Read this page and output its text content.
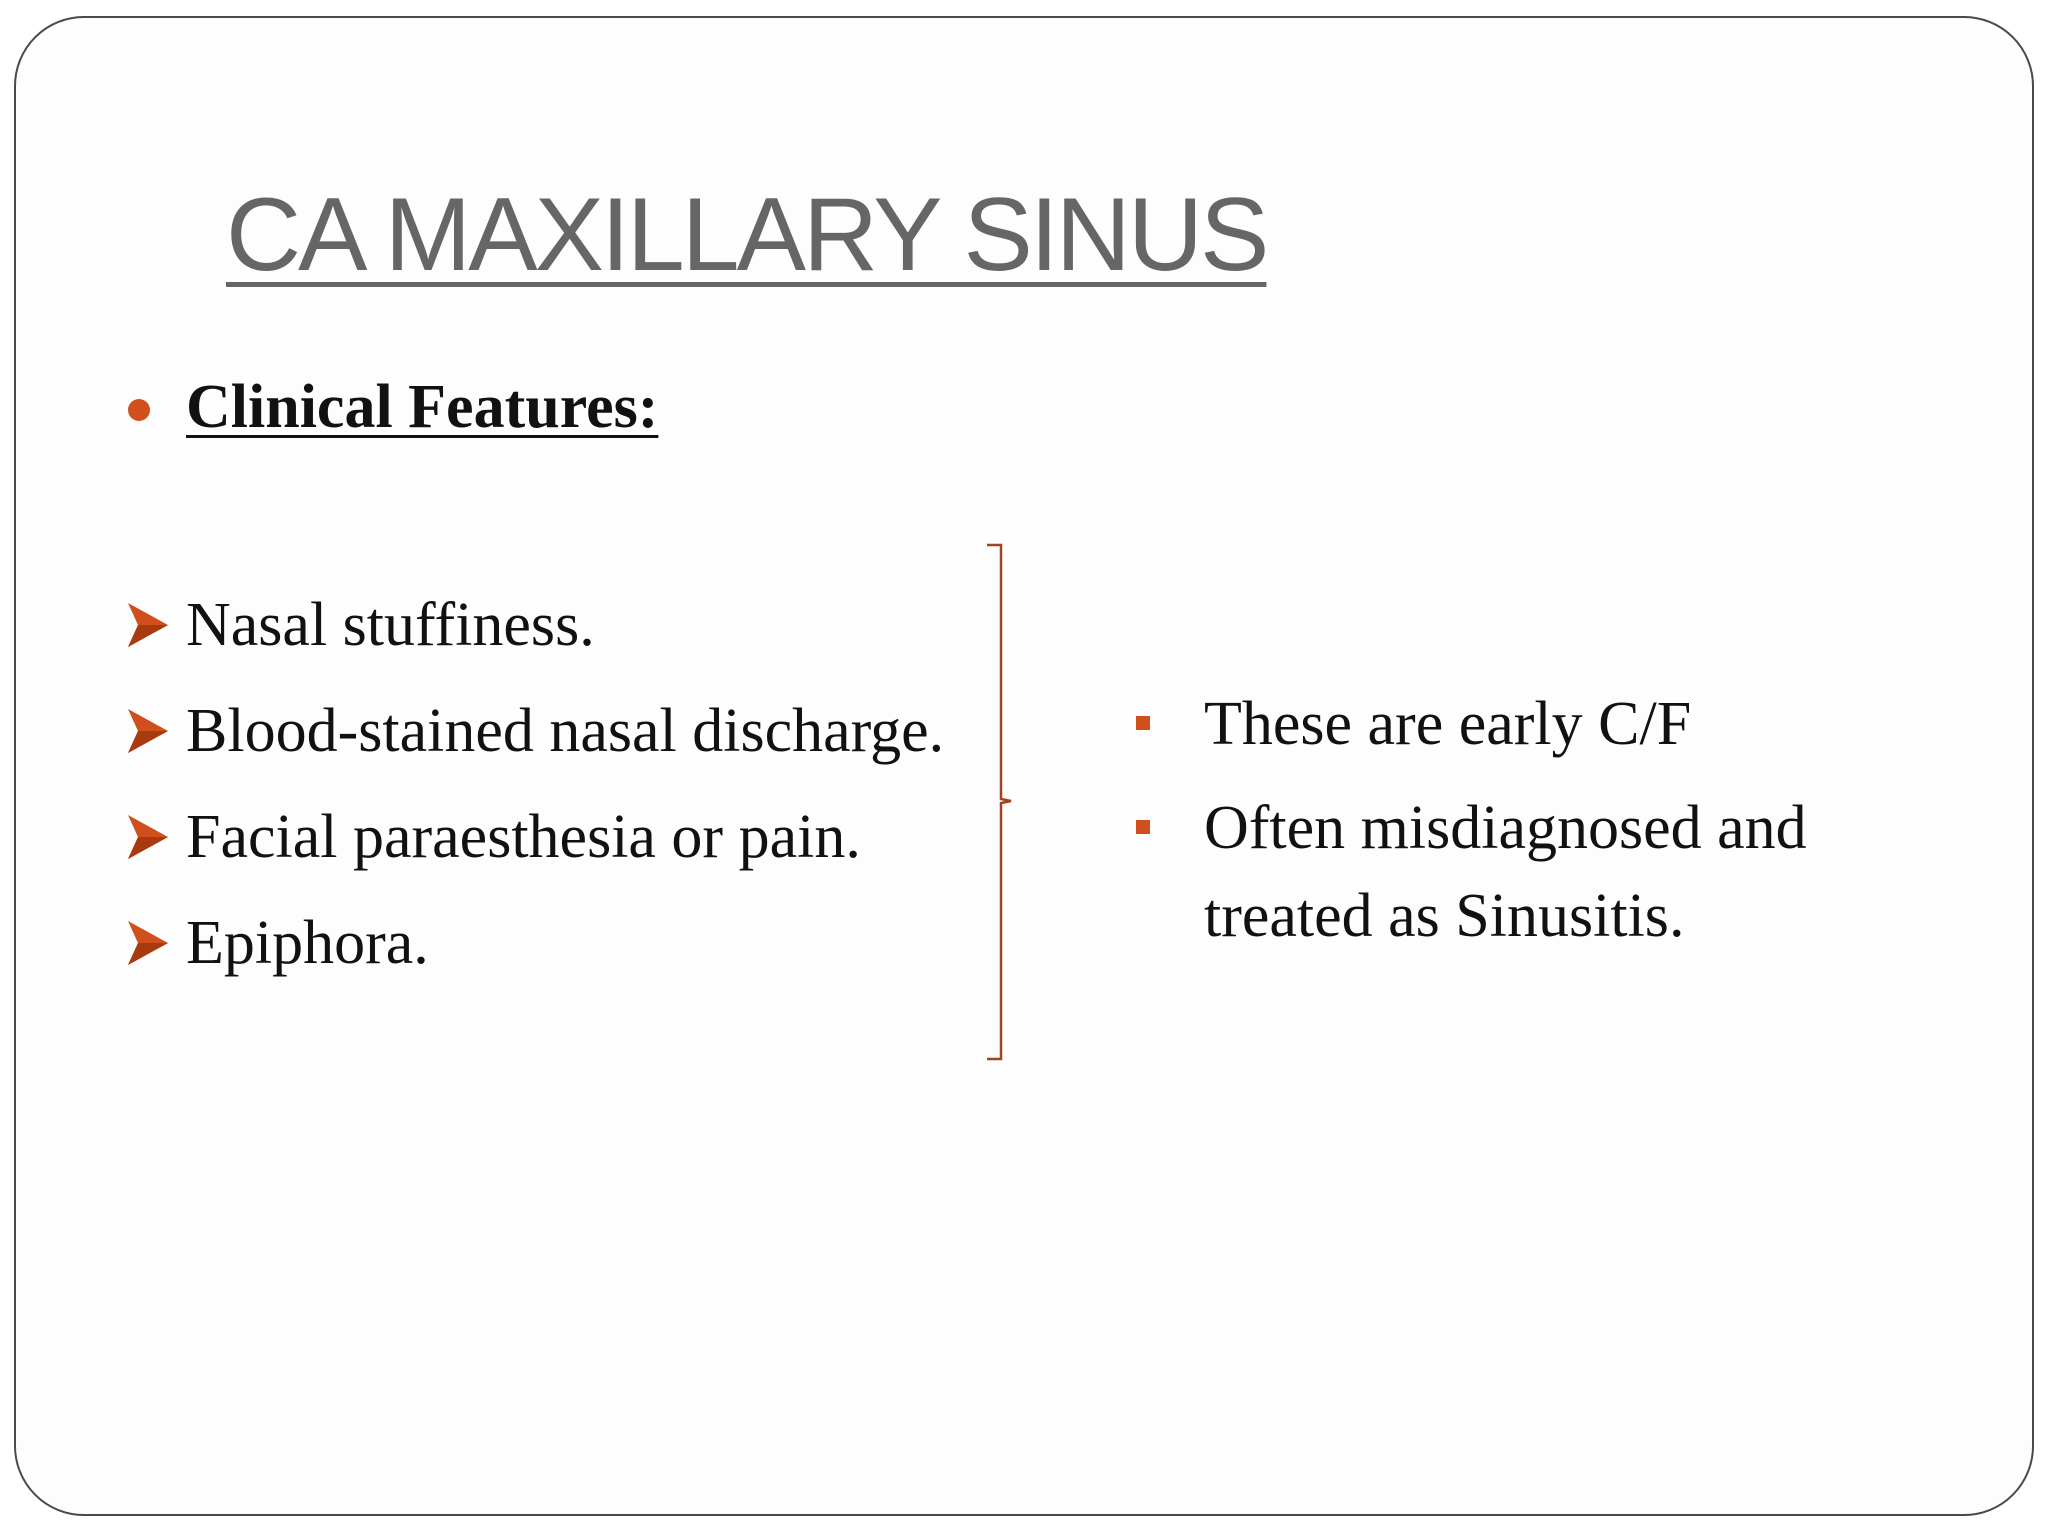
CA MAXILLARY SINUS
Clinical Features:
Nasal stuffiness.
Blood-stained nasal discharge.
Facial paraesthesia or pain.
Epiphora.
These are early C/F
Often misdiagnosed and treated as Sinusitis.
